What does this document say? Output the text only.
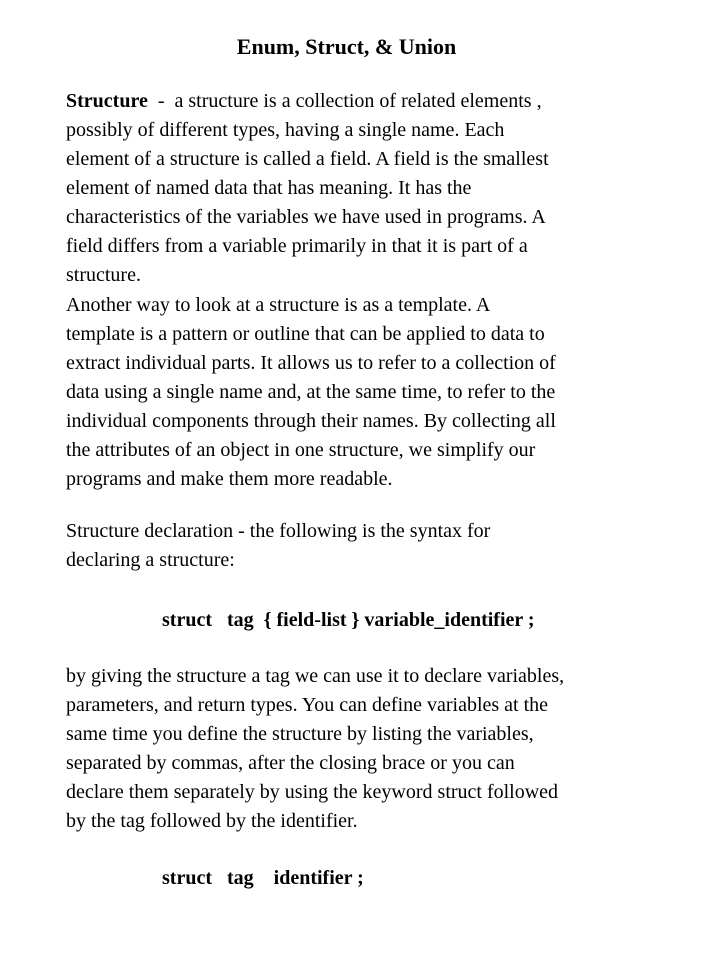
Enum, Struct, & Union
Structure  -  a structure is a collection of related elements ,
possibly of different types, having a single name. Each
element of a structure is called a field. A field is the smallest
element of named data that has meaning. It has the
characteristics of the variables we have used in programs. A
field differs from a variable primarily in that it is part of a
structure.
Another way to look at a structure is as a template. A
template is a pattern or outline that can be applied to data to
extract individual parts. It allows us to refer to a collection of
data using a single name and, at the same time, to refer to the
individual components through their names. By collecting all
the attributes of an object in one structure, we simplify our
programs and make them more readable.
Structure declaration - the following is the syntax for
declaring a structure:
struct   tag  { field-list } variable_identifier ;
by giving the structure a tag we can use it to declare variables,
parameters, and return types. You can define variables at the
same time you define the structure by listing the variables,
separated by commas, after the closing brace or you can
declare them separately by using the keyword struct followed
by the tag followed by the identifier.
struct   tag    identifier ;
